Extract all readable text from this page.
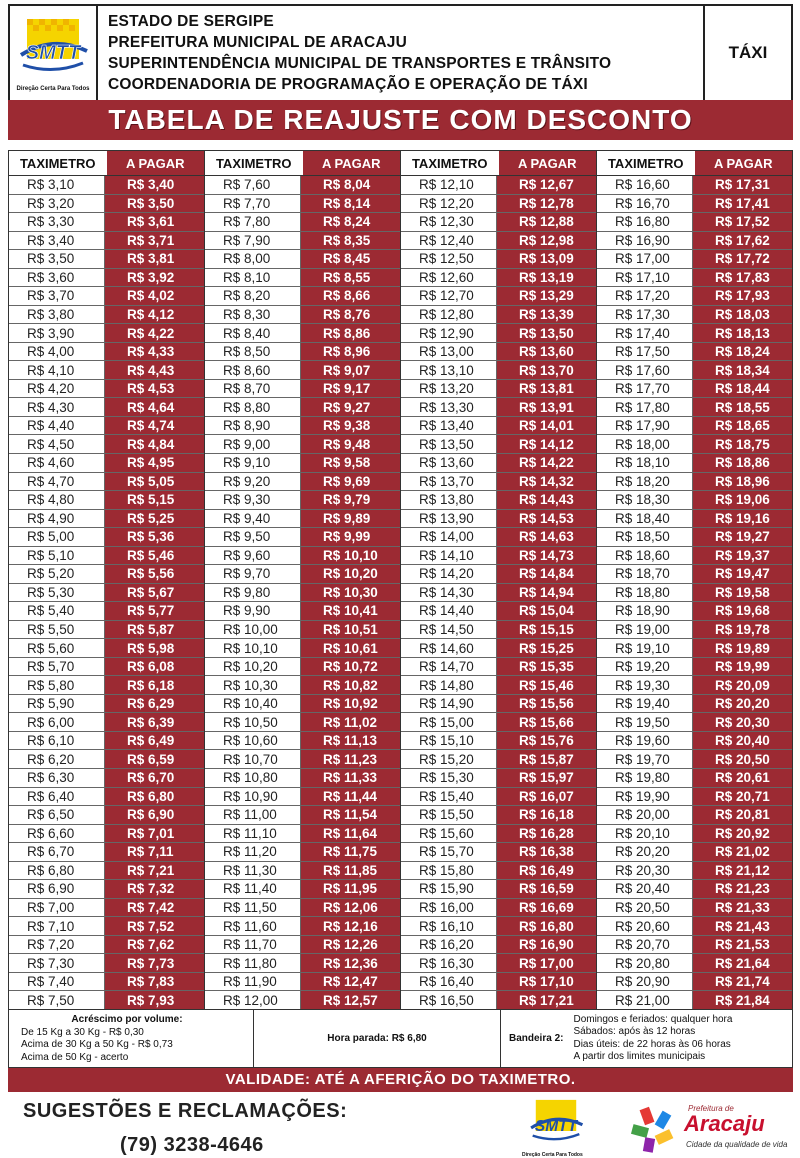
SMTT
Direção Certa Para Todos
ESTADO DE SERGIPE
PREFEITURA MUNICIPAL DE ARACAJU
SUPERINTENDÊNCIA MUNICIPAL DE TRANSPORTES E TRÂNSITO
COORDENADORIA DE PROGRAMAÇÃO E OPERAÇÃO DE TÁXI
TÁXI
TABELA DE REAJUSTE COM DESCONTO
TAXIMETRO	A PAGAR
R$ 3,10	R$ 3,40
R$ 3,20	R$ 3,50
R$ 3,30	R$ 3,61
R$ 3,40	R$ 3,71
R$ 3,50	R$ 3,81
R$ 3,60	R$ 3,92
R$ 3,70	R$ 4,02
R$ 3,80	R$ 4,12
R$ 3,90	R$ 4,22
R$ 4,00	R$ 4,33
R$ 4,10	R$ 4,43
R$ 4,20	R$ 4,53
R$ 4,30	R$ 4,64
R$ 4,40	R$ 4,74
R$ 4,50	R$ 4,84
R$ 4,60	R$ 4,95
R$ 4,70	R$ 5,05
R$ 4,80	R$ 5,15
R$ 4,90	R$ 5,25
R$ 5,00	R$ 5,36
R$ 5,10	R$ 5,46
R$ 5,20	R$ 5,56
R$ 5,30	R$ 5,67
R$ 5,40	R$ 5,77
R$ 5,50	R$ 5,87
R$ 5,60	R$ 5,98
R$ 5,70	R$ 6,08
R$ 5,80	R$ 6,18
R$ 5,90	R$ 6,29
R$ 6,00	R$ 6,39
R$ 6,10	R$ 6,49
R$ 6,20	R$ 6,59
R$ 6,30	R$ 6,70
R$ 6,40	R$ 6,80
R$ 6,50	R$ 6,90
R$ 6,60	R$ 7,01
R$ 6,70	R$ 7,11
R$ 6,80	R$ 7,21
R$ 6,90	R$ 7,32
R$ 7,00	R$ 7,42
R$ 7,10	R$ 7,52
R$ 7,20	R$ 7,62
R$ 7,30	R$ 7,73
R$ 7,40	R$ 7,83
R$ 7,50	R$ 7,93
TAXIMETRO	A PAGAR
R$ 7,60	R$ 8,04
R$ 7,70	R$ 8,14
R$ 7,80	R$ 8,24
R$ 7,90	R$ 8,35
R$ 8,00	R$ 8,45
R$ 8,10	R$ 8,55
R$ 8,20	R$ 8,66
R$ 8,30	R$ 8,76
R$ 8,40	R$ 8,86
R$ 8,50	R$ 8,96
R$ 8,60	R$ 9,07
R$ 8,70	R$ 9,17
R$ 8,80	R$ 9,27
R$ 8,90	R$ 9,38
R$ 9,00	R$ 9,48
R$ 9,10	R$ 9,58
R$ 9,20	R$ 9,69
R$ 9,30	R$ 9,79
R$ 9,40	R$ 9,89
R$ 9,50	R$ 9,99
R$ 9,60	R$ 10,10
R$ 9,70	R$ 10,20
R$ 9,80	R$ 10,30
R$ 9,90	R$ 10,41
R$ 10,00	R$ 10,51
R$ 10,10	R$ 10,61
R$ 10,20	R$ 10,72
R$ 10,30	R$ 10,82
R$ 10,40	R$ 10,92
R$ 10,50	R$ 11,02
R$ 10,60	R$ 11,13
R$ 10,70	R$ 11,23
R$ 10,80	R$ 11,33
R$ 10,90	R$ 11,44
R$ 11,00	R$ 11,54
R$ 11,10	R$ 11,64
R$ 11,20	R$ 11,75
R$ 11,30	R$ 11,85
R$ 11,40	R$ 11,95
R$ 11,50	R$ 12,06
R$ 11,60	R$ 12,16
R$ 11,70	R$ 12,26
R$ 11,80	R$ 12,36
R$ 11,90	R$ 12,47
R$ 12,00	R$ 12,57
TAXIMETRO	A PAGAR
R$ 12,10	R$ 12,67
R$ 12,20	R$ 12,78
R$ 12,30	R$ 12,88
R$ 12,40	R$ 12,98
R$ 12,50	R$ 13,09
R$ 12,60	R$ 13,19
R$ 12,70	R$ 13,29
R$ 12,80	R$ 13,39
R$ 12,90	R$ 13,50
R$ 13,00	R$ 13,60
R$ 13,10	R$ 13,70
R$ 13,20	R$ 13,81
R$ 13,30	R$ 13,91
R$ 13,40	R$ 14,01
R$ 13,50	R$ 14,12
R$ 13,60	R$ 14,22
R$ 13,70	R$ 14,32
R$ 13,80	R$ 14,43
R$ 13,90	R$ 14,53
R$ 14,00	R$ 14,63
R$ 14,10	R$ 14,73
R$ 14,20	R$ 14,84
R$ 14,30	R$ 14,94
R$ 14,40	R$ 15,04
R$ 14,50	R$ 15,15
R$ 14,60	R$ 15,25
R$ 14,70	R$ 15,35
R$ 14,80	R$ 15,46
R$ 14,90	R$ 15,56
R$ 15,00	R$ 15,66
R$ 15,10	R$ 15,76
R$ 15,20	R$ 15,87
R$ 15,30	R$ 15,97
R$ 15,40	R$ 16,07
R$ 15,50	R$ 16,18
R$ 15,60	R$ 16,28
R$ 15,70	R$ 16,38
R$ 15,80	R$ 16,49
R$ 15,90	R$ 16,59
R$ 16,00	R$ 16,69
R$ 16,10	R$ 16,80
R$ 16,20	R$ 16,90
R$ 16,30	R$ 17,00
R$ 16,40	R$ 17,10
R$ 16,50	R$ 17,21
TAXIMETRO	A PAGAR
R$ 16,60	R$ 17,31
R$ 16,70	R$ 17,41
R$ 16,80	R$ 17,52
R$ 16,90	R$ 17,62
R$ 17,00	R$ 17,72
R$ 17,10	R$ 17,83
R$ 17,20	R$ 17,93
R$ 17,30	R$ 18,03
R$ 17,40	R$ 18,13
R$ 17,50	R$ 18,24
R$ 17,60	R$ 18,34
R$ 17,70	R$ 18,44
R$ 17,80	R$ 18,55
R$ 17,90	R$ 18,65
R$ 18,00	R$ 18,75
R$ 18,10	R$ 18,86
R$ 18,20	R$ 18,96
R$ 18,30	R$ 19,06
R$ 18,40	R$ 19,16
R$ 18,50	R$ 19,27
R$ 18,60	R$ 19,37
R$ 18,70	R$ 19,47
R$ 18,80	R$ 19,58
R$ 18,90	R$ 19,68
R$ 19,00	R$ 19,78
R$ 19,10	R$ 19,89
R$ 19,20	R$ 19,99
R$ 19,30	R$ 20,09
R$ 19,40	R$ 20,20
R$ 19,50	R$ 20,30
R$ 19,60	R$ 20,40
R$ 19,70	R$ 20,50
R$ 19,80	R$ 20,61
R$ 19,90	R$ 20,71
R$ 20,00	R$ 20,81
R$ 20,10	R$ 20,92
R$ 20,20	R$ 21,02
R$ 20,30	R$ 21,12
R$ 20,40	R$ 21,23
R$ 20,50	R$ 21,33
R$ 20,60	R$ 21,43
R$ 20,70	R$ 21,53
R$ 20,80	R$ 21,64
R$ 20,90	R$ 21,74
R$ 21,00	R$ 21,84
Acréscimo por volume:
De 15 Kg a 30 Kg - R$ 0,30
Acima de 30 Kg a 50 Kg - R$ 0,73
Acima de 50 Kg - acerto
Hora parada: R$ 6,80	Bandeira 2:
Domingos e feriados: qualquer hora
Sábados: após às 12 horas
Dias úteis: de 22 horas às 06 horas
A partir dos limites municipais
VALIDADE: ATÉ A AFERIÇÃO DO TAXIMETRO.
SUGESTÕES E RECLAMAÇÕES:
(79) 3238-4646
SMTT
Direção Certa Para Todos
Prefeitura de
Aracaju
Cidade da qualidade de vida
